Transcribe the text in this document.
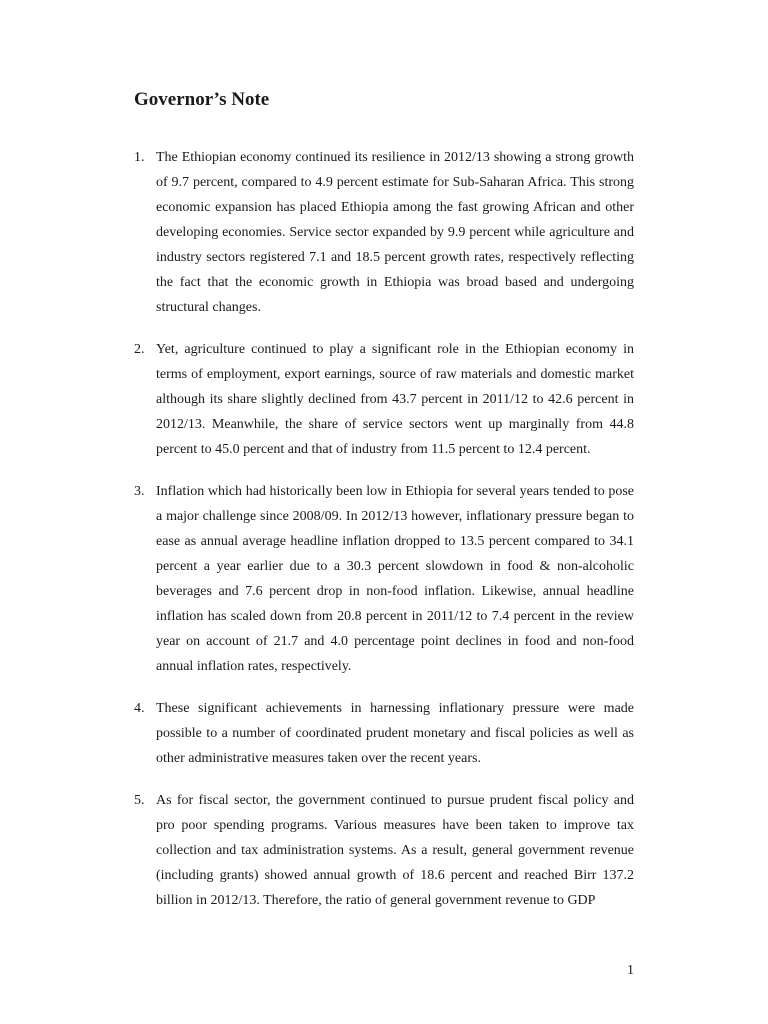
Governor’s Note
1. The Ethiopian economy continued its resilience in 2012/13 showing a strong growth of 9.7 percent, compared to 4.9 percent estimate for Sub-Saharan Africa. This strong economic expansion has placed Ethiopia among the fast growing African and other developing economies. Service sector expanded by 9.9 percent while agriculture and industry sectors registered 7.1 and 18.5 percent growth rates, respectively reflecting the fact that the economic growth in Ethiopia was broad based and undergoing structural changes.
2. Yet, agriculture continued to play a significant role in the Ethiopian economy in terms of employment, export earnings, source of raw materials and domestic market although its share slightly declined from 43.7 percent in 2011/12 to 42.6 percent in 2012/13. Meanwhile, the share of service sectors went up marginally from 44.8 percent to 45.0 percent and that of industry from 11.5 percent to 12.4 percent.
3. Inflation which had historically been low in Ethiopia for several years tended to pose a major challenge since 2008/09. In 2012/13 however, inflationary pressure began to ease as annual average headline inflation dropped to 13.5 percent compared to 34.1 percent a year earlier due to a 30.3 percent slowdown in food & non-alcoholic beverages and 7.6 percent drop in non-food inflation. Likewise, annual headline inflation has scaled down from 20.8 percent in 2011/12 to 7.4 percent in the review year on account of 21.7 and 4.0 percentage point declines in food and non-food annual inflation rates, respectively.
4. These significant achievements in harnessing inflationary pressure were made possible to a number of coordinated prudent monetary and fiscal policies as well as other administrative measures taken over the recent years.
5. As for fiscal sector, the government continued to pursue prudent fiscal policy and pro poor spending programs. Various measures have been taken to improve tax collection and tax administration systems. As a result, general government revenue (including grants) showed annual growth of 18.6 percent and reached Birr 137.2 billion in 2012/13. Therefore, the ratio of general government revenue to GDP
1
